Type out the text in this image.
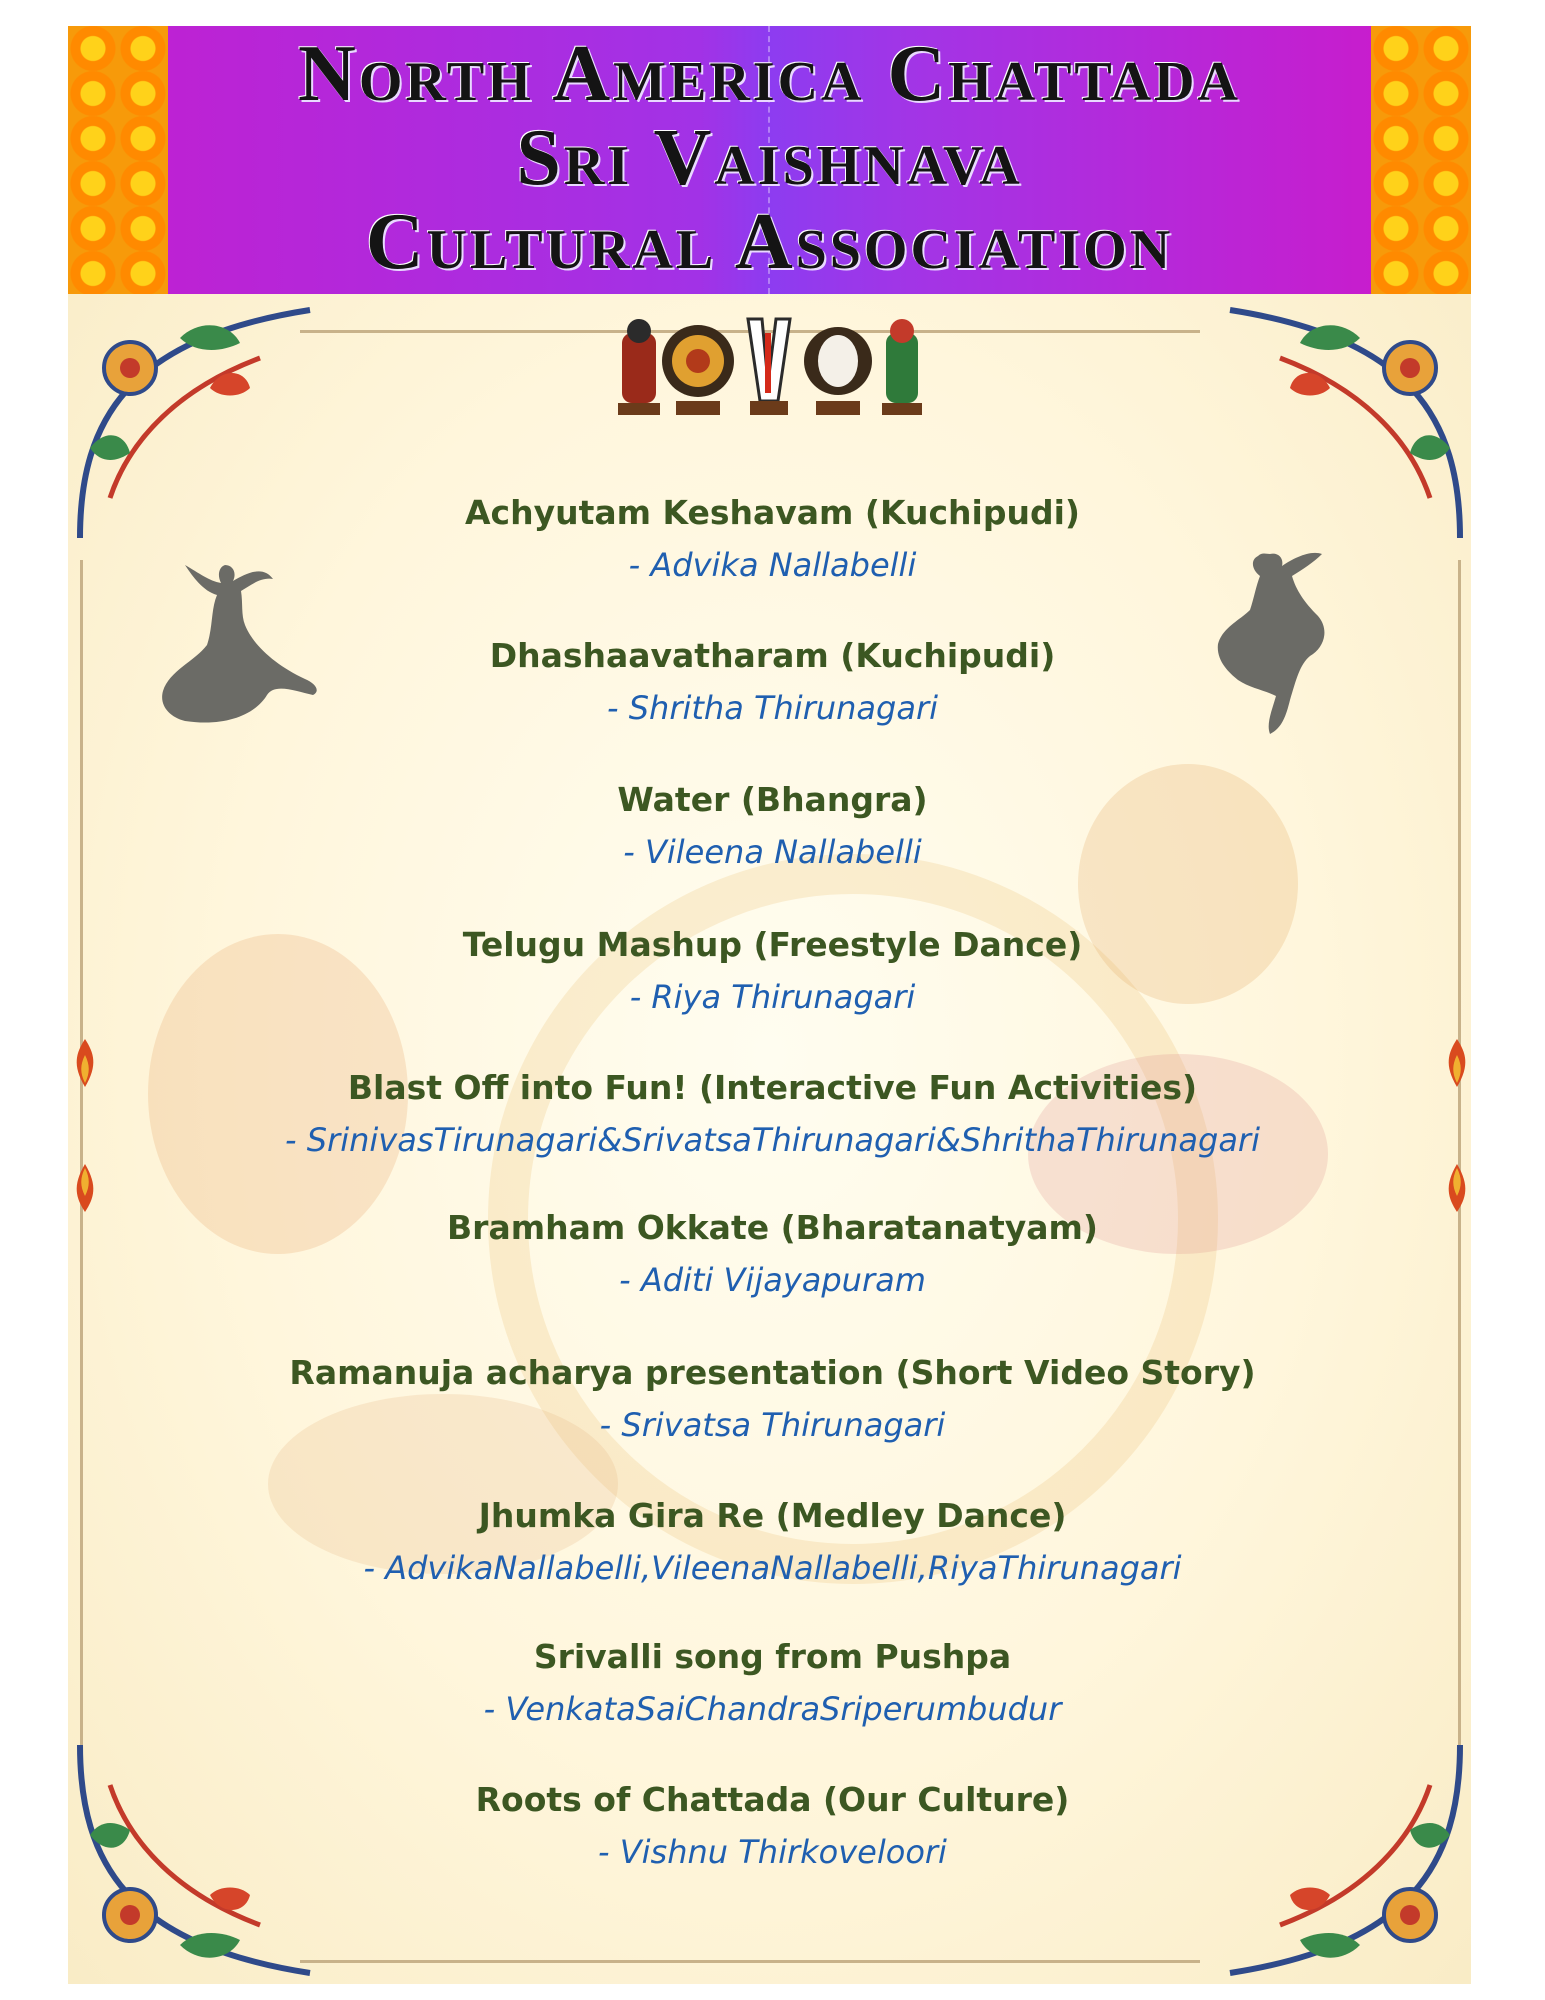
North America Chattada
Sri Vaishnava
Cultural Association
Achyutam Keshavam (Kuchipudi)
- Advika Nallabelli
Dhashaavatharam (Kuchipudi)
- Shritha Thirunagari
Water (Bhangra)
- Vileena Nallabelli
Telugu Mashup (Freestyle Dance)
- Riya Thirunagari
Blast Off into Fun! (Interactive Fun Activities)
- SrinivasTirunagari&SrivatsaThirunagari&ShrithaThirunagari
Bramham Okkate (Bharatanatyam)
- Aditi Vijayapuram
Ramanuja acharya presentation (Short Video Story)
- Srivatsa Thirunagari
Jhumka Gira Re (Medley Dance)
- AdvikaNallabelli,VileenaNallabelli,RiyaThirunagari
Srivalli song from Pushpa
- VenkataSaiChandraSriperumbudur
Roots of Chattada (Our Culture)
- Vishnu Thirkoveloori
